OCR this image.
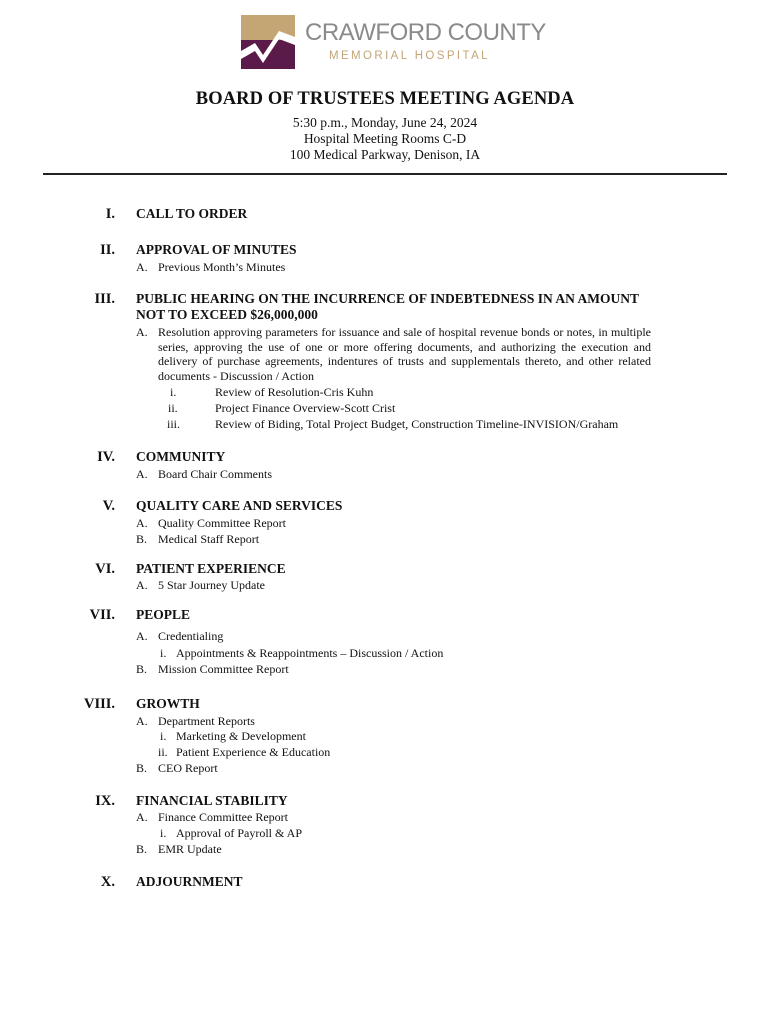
CRAWFORD COUNTY
MEMORIAL HOSPITAL
BOARD OF TRUSTEES MEETING AGENDA
5:30 p.m., Monday, June 24, 2024
Hospital Meeting Rooms C-D
100 Medical Parkway, Denison, IA
I. CALL TO ORDER
II. APPROVAL OF MINUTES
A. Previous Month’s Minutes
III. PUBLIC HEARING ON THE INCURRENCE OF INDEBTEDNESS IN AN AMOUNT NOT TO EXCEED $26,000,000
A. Resolution approving parameters for issuance and sale of hospital revenue bonds or notes, in multiple series, approving the use of one or more offering documents, and authorizing the execution and delivery of purchase agreements, indentures of trusts and supplementals thereto, and other related documents - Discussion / Action
i.	Review of Resolution-Cris Kuhn
ii.	Project Finance Overview-Scott Crist
iii.	Review of Biding, Total Project Budget, Construction Timeline-INVISION/Graham
IV. COMMUNITY
A. Board Chair Comments
V. QUALITY CARE AND SERVICES
A. Quality Committee Report
B. Medical Staff Report
VI. PATIENT EXPERIENCE
A. 5 Star Journey Update
VII. PEOPLE
A. Credentialing
i. Appointments & Reappointments – Discussion / Action
B. Mission Committee Report
VIII. GROWTH
A. Department Reports
i. Marketing & Development
ii. Patient Experience & Education
B. CEO Report
IX. FINANCIAL STABILITY
A. Finance Committee Report
i. Approval of Payroll & AP
B. EMR Update
X. ADJOURNMENT
